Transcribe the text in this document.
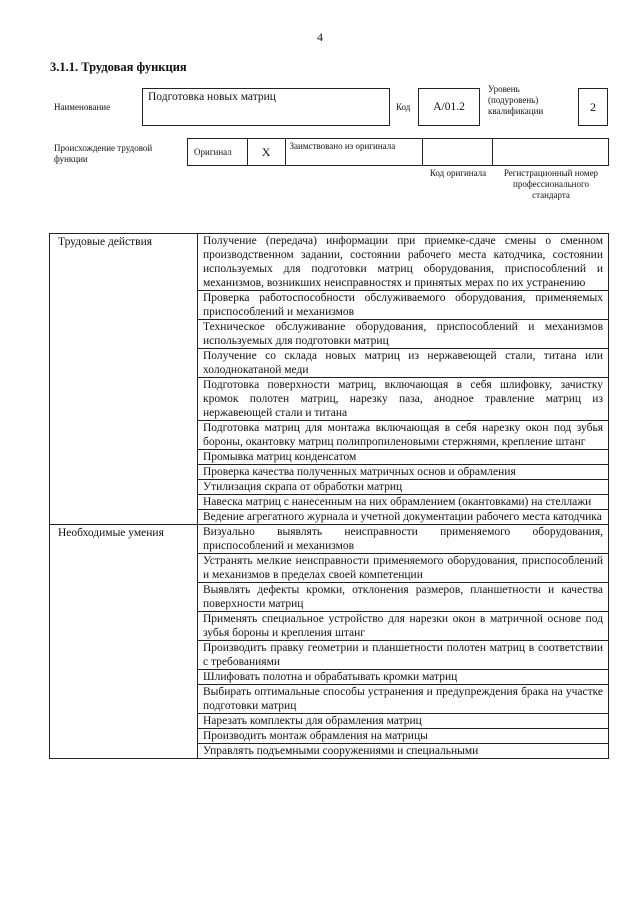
4
3.1.1. Трудовая функция
Наименование
Подготовка новых матриц
Код	А/01.2
Уровень (подуровень) квалификации	2
Происхождение трудовой функции
Оригинал	Х	Заимствовано из оригинала
Код оригинала	Регистрационный номер профессионального стандарта
Трудовые действия	Получение (передача) информации при приемке-сдаче смены о сменном производственном задании, состоянии рабочего места катодчика, состоянии используемых для подготовки матриц оборудования, приспособлений и механизмов, возникших неисправностях и принятых мерах по их устранению
	Проверка работоспособности обслуживаемого оборудования, применяемых приспособлений и механизмов
	Техническое обслуживание оборудования, приспособлений и механизмов используемых для подготовки матриц
	Получение со склада новых матриц из нержавеющей стали, титана или холоднокатаной меди
	Подготовка поверхности матриц, включающая в себя шлифовку, зачистку кромок полотен матриц, нарезку паза, анодное травление матриц из нержавеющей стали и титана
	Подготовка матриц для монтажа включающая в себя нарезку окон под зубья бороны, окантовку матриц полипропиленовыми стержнями, крепление штанг
	Промывка матриц конденсатом
	Проверка качества полученных матричных основ и обрамления
	Утилизация скрапа от обработки матриц
	Навеска матриц с нанесенным на них обрамлением (окантовками) на стеллажи
	Ведение агрегатного журнала и учетной документации рабочего места катодчика
Необходимые умения	Визуально выявлять неисправности применяемого оборудования, приспособлений и механизмов
	Устранять мелкие неисправности применяемого оборудования, приспособлений и механизмов в пределах своей компетенции
	Выявлять дефекты кромки, отклонения размеров, планшетности и качества поверхности матриц
	Применять специальное устройство для нарезки окон в матричной основе под зубья бороны и крепления штанг
	Производить правку геометрии и планшетности полотен матриц в соответствии с требованиями
	Шлифовать полотна и обрабатывать кромки матриц
	Выбирать оптимальные способы устранения и предупреждения брака на участке подготовки матриц
	Нарезать комплекты для обрамления матриц
	Производить монтаж обрамления на матрицы
	Управлять подъемными сооружениями и специальными
